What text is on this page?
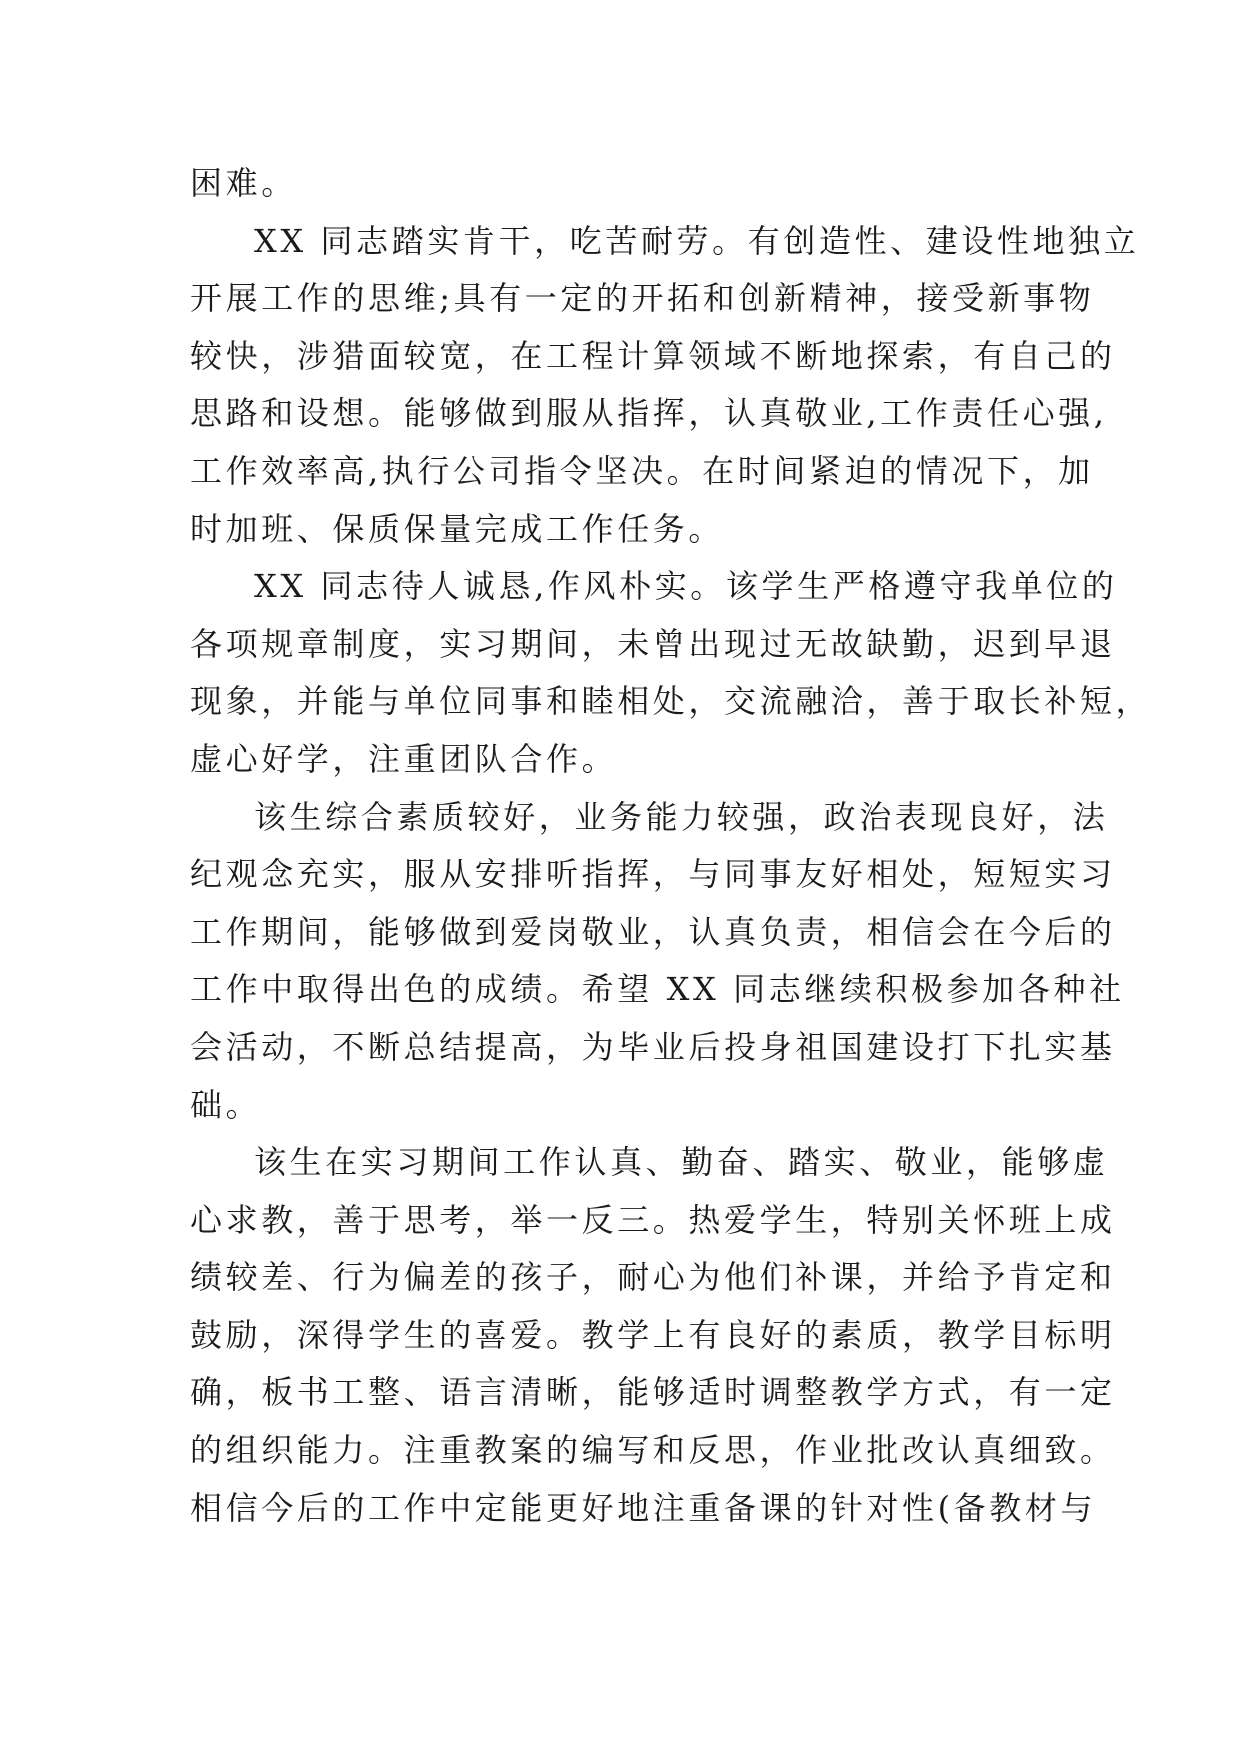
困难。
XX 同志踏实肯干，吃苦耐劳。有创造性、建设性地独立
开展工作的思维;具有一定的开拓和创新精神，接受新事物
较快，涉猎面较宽，在工程计算领域不断地探索，有自己的
思路和设想。能够做到服从指挥，认真敬业,工作责任心强,
工作效率高,执行公司指令坚决。在时间紧迫的情况下，加
时加班、保质保量完成工作任务。
XX 同志待人诚恳,作风朴实。该学生严格遵守我单位的
各项规章制度，实习期间，未曾出现过无故缺勤，迟到早退
现象，并能与单位同事和睦相处，交流融洽，善于取长补短，
虚心好学，注重团队合作。
该生综合素质较好，业务能力较强，政治表现良好，法
纪观念充实，服从安排听指挥，与同事友好相处，短短实习
工作期间，能够做到爱岗敬业，认真负责，相信会在今后的
工作中取得出色的成绩。希望 XX 同志继续积极参加各种社
会活动，不断总结提高，为毕业后投身祖国建设打下扎实基
础。
该生在实习期间工作认真、勤奋、踏实、敬业，能够虚
心求教，善于思考，举一反三。热爱学生，特别关怀班上成
绩较差、行为偏差的孩子，耐心为他们补课，并给予肯定和
鼓励，深得学生的喜爱。教学上有良好的素质，教学目标明
确，板书工整、语言清晰，能够适时调整教学方式，有一定
的组织能力。注重教案的编写和反思，作业批改认真细致。
相信今后的工作中定能更好地注重备课的针对性(备教材与
